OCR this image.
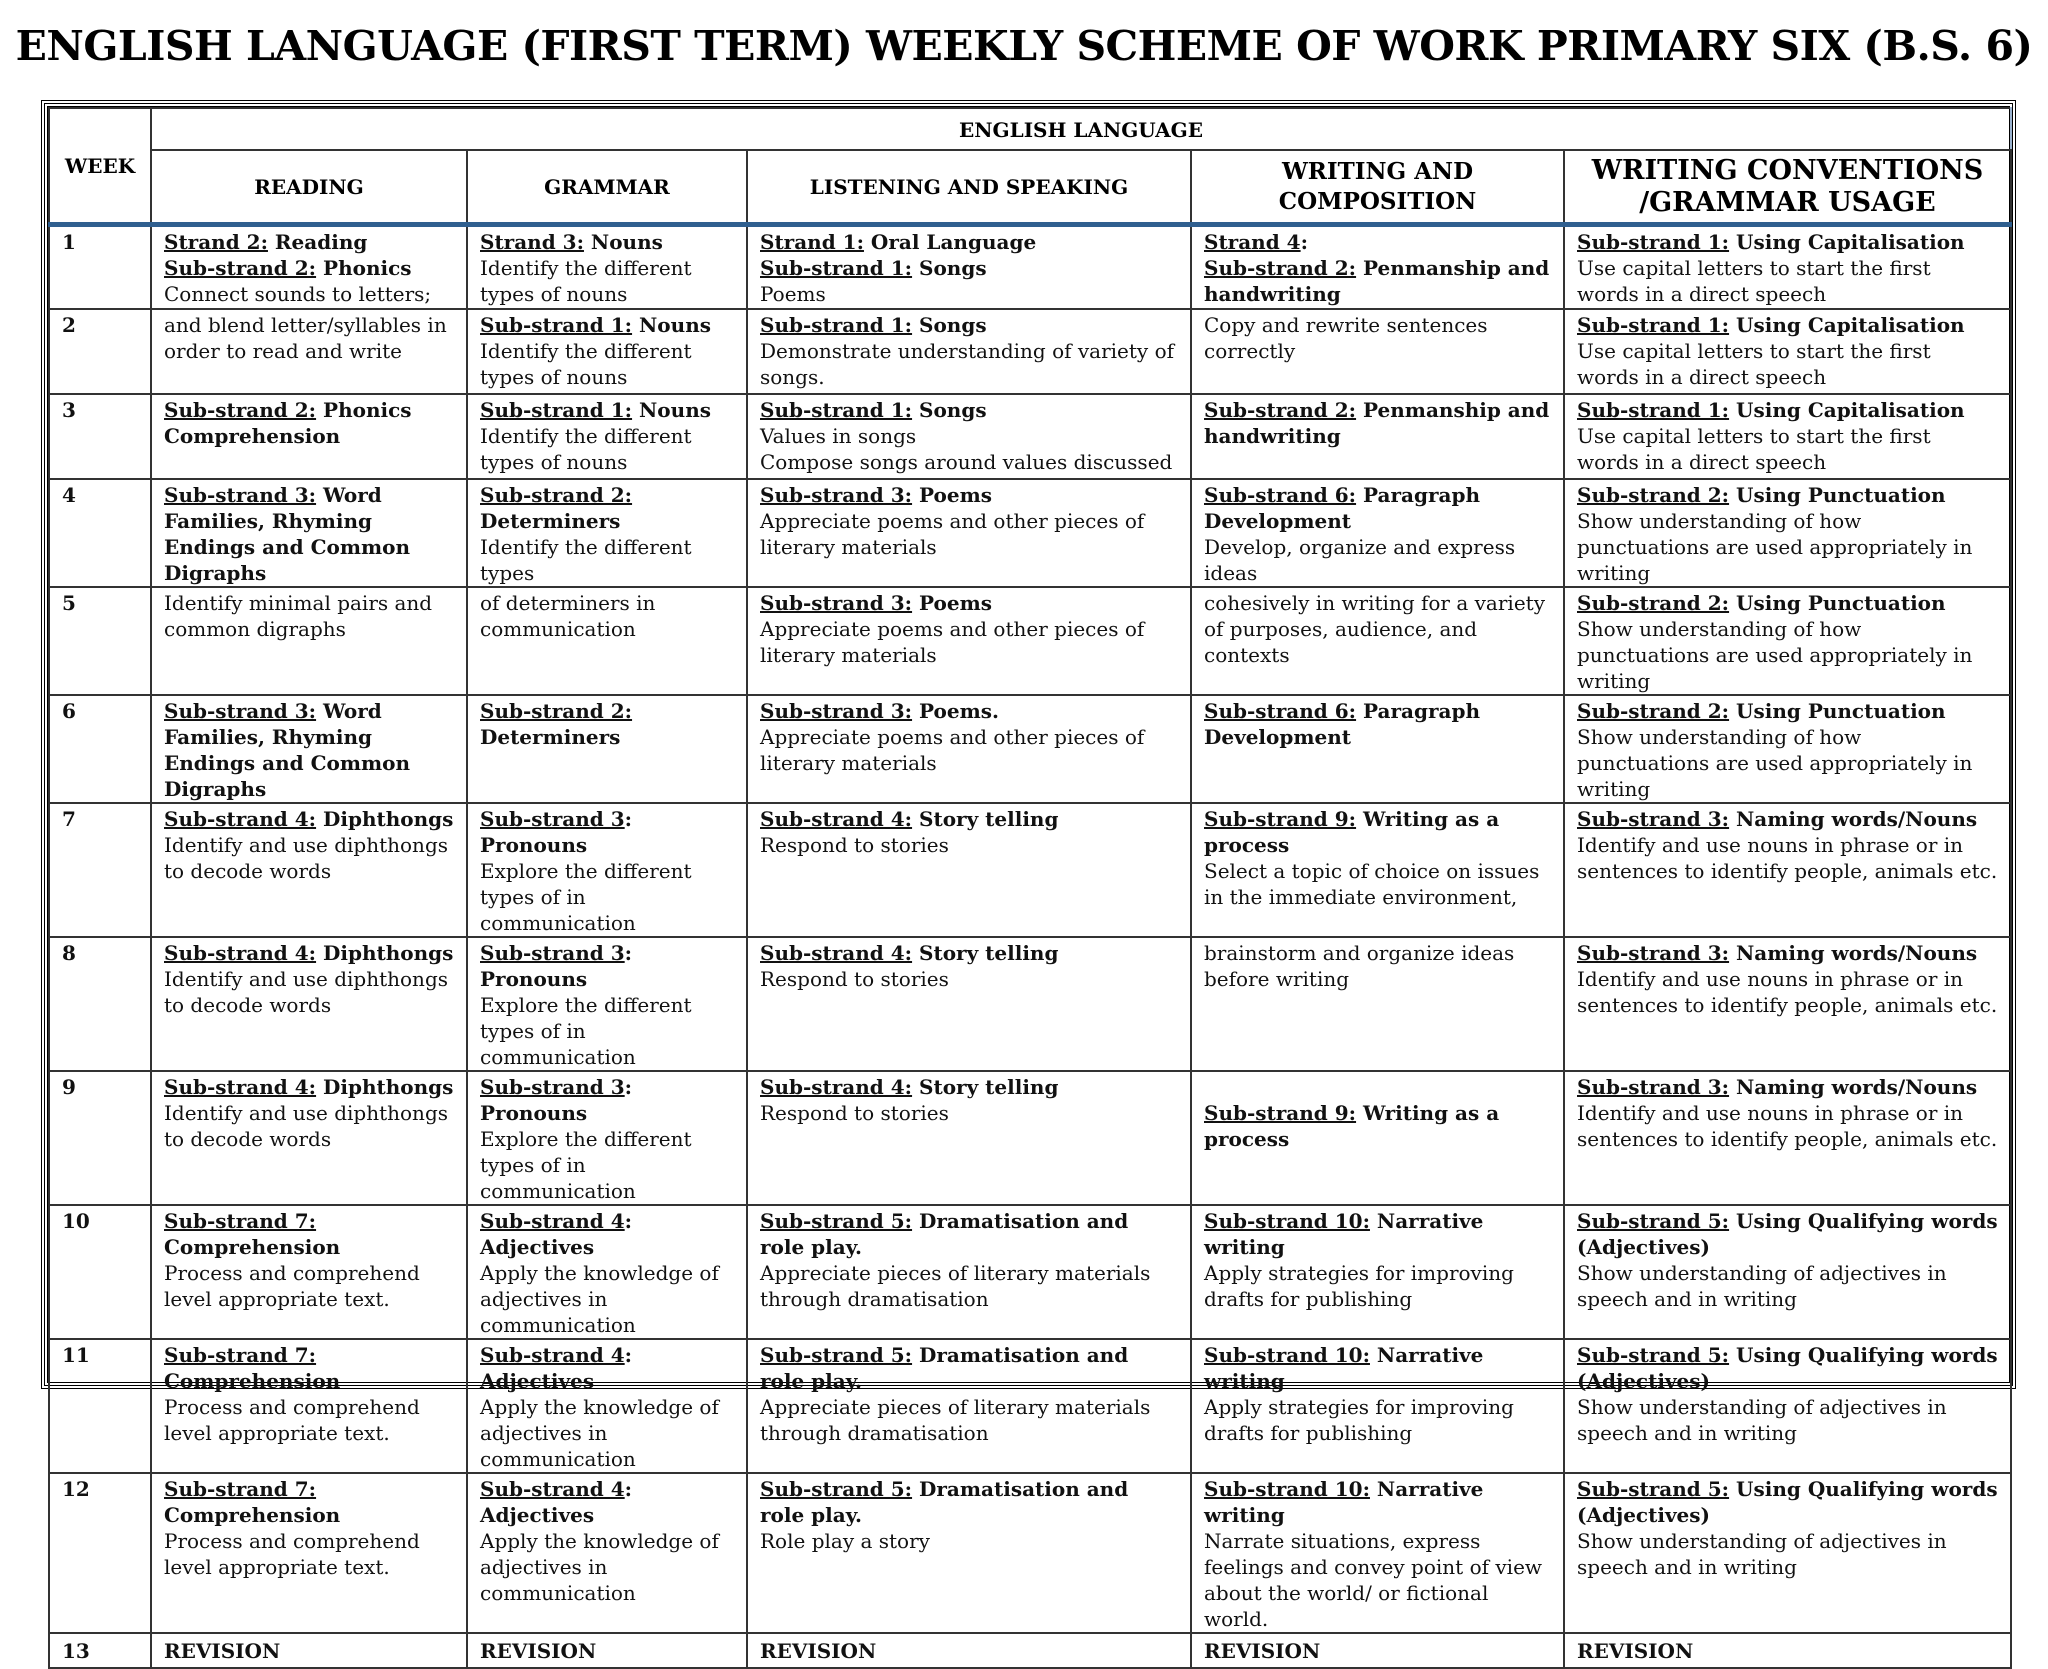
ENGLISH LANGUAGE (FIRST TERM) WEEKLY SCHEME OF WORK PRIMARY SIX (B.S. 6)
WEEK	ENGLISH LANGUAGE				
	READING	GRAMMAR	LISTENING AND SPEAKING	WRITING AND
COMPOSITION	WRITING CONVENTIONS
/GRAMMAR USAGE

1	Strand 2: Reading
Sub-strand 2: Phonics
Connect sounds to letters;	Strand 3: Nouns
Identify the different types of nouns	Strand 1: Oral Language
Sub-strand 1: Songs
Poems	Strand 4:
Sub-strand 2: Penmanship and handwriting	Sub-strand 1: Using Capitalisation
Use capital letters to start the first words in a direct speech

2	and blend letter/syllables in order to read and write	Sub-strand 1: Nouns
Identify the different types of nouns	Sub-strand 1: Songs
Demonstrate understanding of variety of songs.	Copy and rewrite sentences correctly	Sub-strand 1: Using Capitalisation
Use capital letters to start the first words in a direct speech

3	Sub-strand 2: Phonics Comprehension	Sub-strand 1: Nouns
Identify the different types of nouns	Sub-strand 1: Songs
Values in songs
Compose songs around values discussed	Sub-strand 2: Penmanship and handwriting	Sub-strand 1: Using Capitalisation
Use capital letters to start the first words in a direct speech

4	Sub-strand 3: Word Families, Rhyming Endings and Common Digraphs	Sub-strand 2: Determiners
Identify the different types	Sub-strand 3: Poems
Appreciate poems and other pieces of literary materials	Sub-strand 6: Paragraph Development
Develop, organize and express ideas	Sub-strand 2: Using Punctuation
Show understanding of how punctuations are used appropriately in writing

5	Identify minimal pairs and common digraphs	of determiners in communication	Sub-strand 3: Poems
Appreciate poems and other pieces of literary materials	cohesively in writing for a variety of purposes, audience, and contexts	Sub-strand 2: Using Punctuation
Show understanding of how punctuations are used appropriately in writing

6	Sub-strand 3: Word Families, Rhyming Endings and Common Digraphs	Sub-strand 2: Determiners	Sub-strand 3: Poems.
Appreciate poems and other pieces of literary materials	Sub-strand 6: Paragraph Development	Sub-strand 2: Using Punctuation
Show understanding of how punctuations are used appropriately in writing

7	Sub-strand 4: Diphthongs
Identify and use diphthongs to decode words	Sub-strand 3: Pronouns
Explore the different types of in communication	Sub-strand 4: Story telling
Respond to stories	Sub-strand 9: Writing as a process
Select a topic of choice on issues in the immediate environment,	Sub-strand 3: Naming words/Nouns
Identify and use nouns in phrase or in sentences to identify people, animals etc.

8	Sub-strand 4: Diphthongs
Identify and use diphthongs to decode words	Sub-strand 3: Pronouns
Explore the different types of in communication	Sub-strand 4: Story telling
Respond to stories	brainstorm and organize ideas before writing	Sub-strand 3: Naming words/Nouns
Identify and use nouns in phrase or in sentences to identify people, animals etc.

9	Sub-strand 4: Diphthongs
Identify and use diphthongs to decode words	Sub-strand 3: Pronouns
Explore the different types of in communication	Sub-strand 4: Story telling
Respond to stories	Sub-strand 9: Writing as a process	Sub-strand 3: Naming words/Nouns
Identify and use nouns in phrase or in sentences to identify people, animals etc.

10	Sub-strand 7: Comprehension
Process and comprehend level appropriate text.	Sub-strand 4: Adjectives
Apply the knowledge of adjectives in communication	Sub-strand 5: Dramatisation and role play.
Appreciate pieces of literary materials through dramatisation	Sub-strand 10: Narrative writing
Apply strategies for improving drafts for publishing	Sub-strand 5: Using Qualifying words (Adjectives)
Show understanding of adjectives in speech and in writing

11	Sub-strand 7: Comprehension
Process and comprehend level appropriate text.	Sub-strand 4: Adjectives
Apply the knowledge of adjectives in communication	Sub-strand 5: Dramatisation and role play.
Appreciate pieces of literary materials through dramatisation	Sub-strand 10: Narrative writing
Apply strategies for improving drafts for publishing	Sub-strand 5: Using Qualifying words (Adjectives)
Show understanding of adjectives in speech and in writing

12	Sub-strand 7: Comprehension
Process and comprehend level appropriate text.	Sub-strand 4: Adjectives
Apply the knowledge of adjectives in communication	Sub-strand 5: Dramatisation and role play.
Role play a story	Sub-strand 10: Narrative writing
Narrate situations, express feelings and convey point of view about the world/ or fictional world.	Sub-strand 5: Using Qualifying words (Adjectives)
Show understanding of adjectives in speech and in writing

13	REVISION	REVISION	REVISION	REVISION	REVISION
